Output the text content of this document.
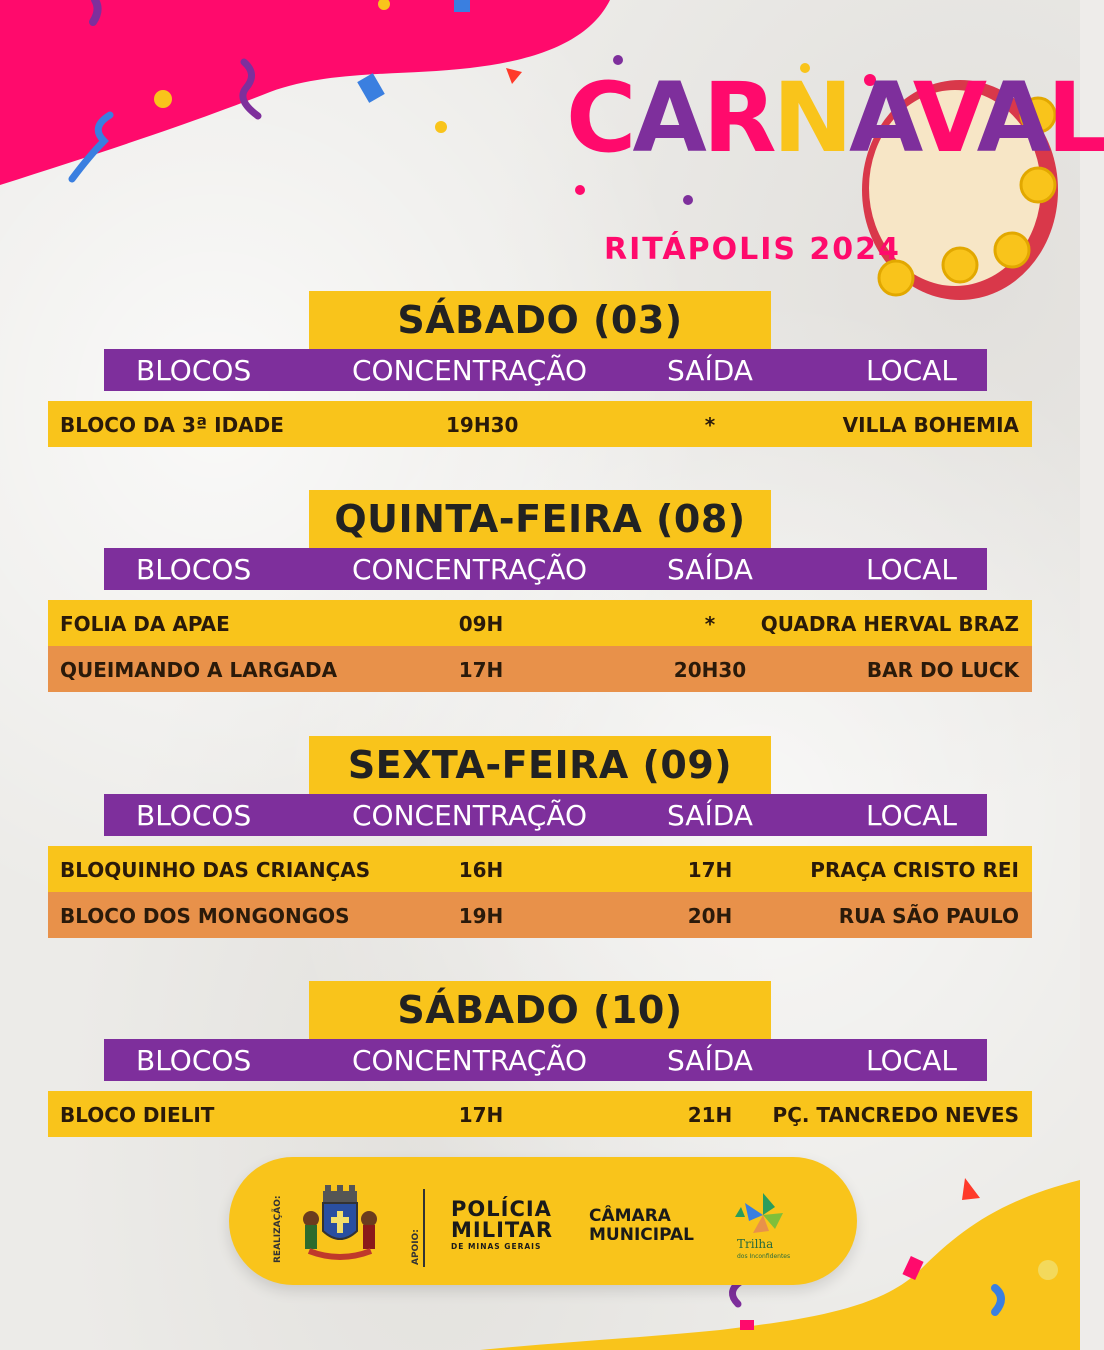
CARNAVAL
RITÁPOLIS 2024
SÁBADO (03)
BLOCOS	CONCENTRAÇÃO	SAÍDA	LOCAL
BLOCO DA 3ª IDADE	19H30	*	VILLA BOHEMIA
QUINTA-FEIRA (08)
BLOCOS	CONCENTRAÇÃO	SAÍDA	LOCAL
FOLIA DA APAE	09H	*	QUADRA HERVAL BRAZ
QUEIMANDO A LARGADA	17H	20H30	BAR DO LUCK
SEXTA-FEIRA (09)
BLOCOS	CONCENTRAÇÃO	SAÍDA	LOCAL
BLOQUINHO DAS CRIANÇAS	16H	17H	PRAÇA CRISTO REI
BLOCO DOS MONGONGOS	19H	20H	RUA SÃO PAULO
SÁBADO (10)
BLOCOS	CONCENTRAÇÃO	SAÍDA	LOCAL
BLOCO DIELIT	17H	21H	PÇ. TANCREDO NEVES
REALIZAÇÃO:	APOIO:
POLÍCIA
MILITAR
DE MINAS GERAIS
CÂMARA
MUNICIPAL	Trilha
dos Inconfidentes
